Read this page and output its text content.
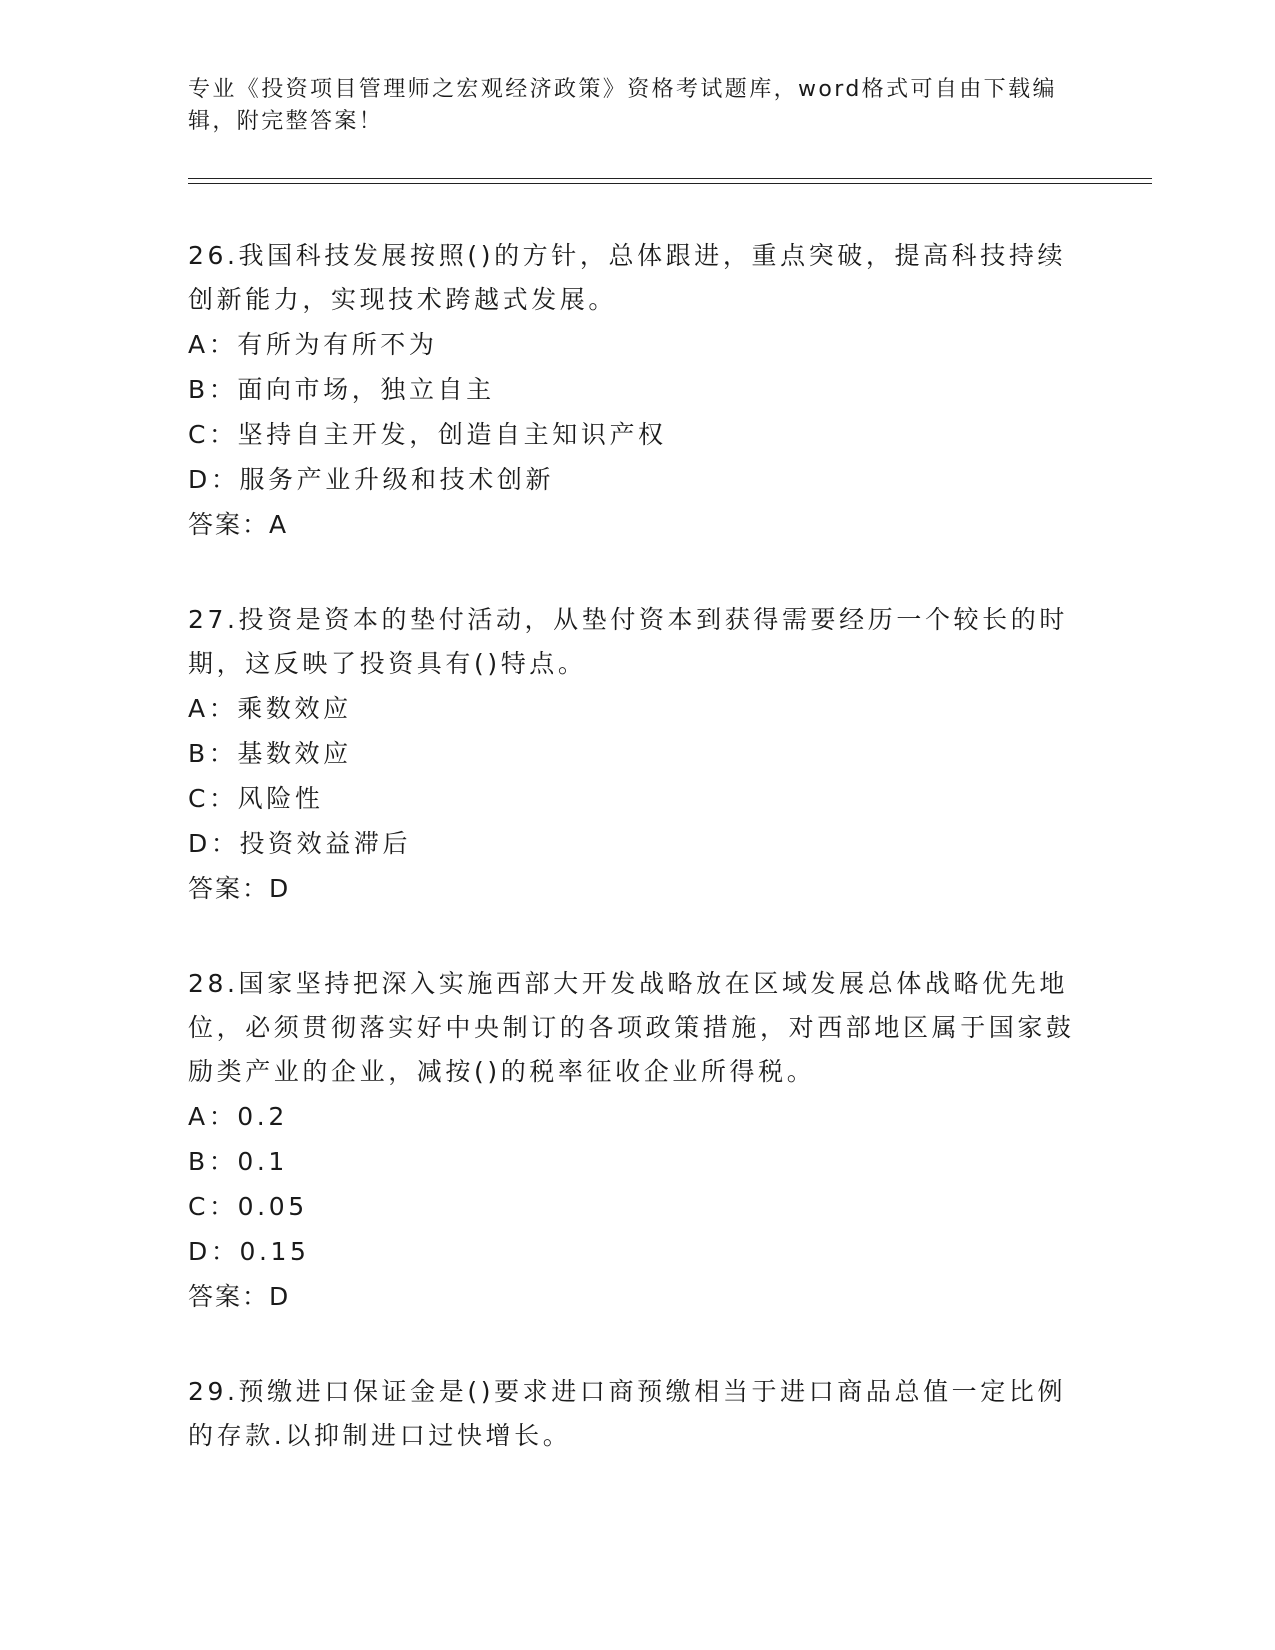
专业《投资项目管理师之宏观经济政策》资格考试题库，word格式可自由下载编辑，附完整答案！

26.我国科技发展按照()的方针，总体跟进，重点突破，提高科技持续创新能力，实现技术跨越式发展。

A：有所为有所不为

B：面向市场，独立自主

C：坚持自主开发，创造自主知识产权

D：服务产业升级和技术创新

答案：A

27.投资是资本的垫付活动，从垫付资本到获得需要经历一个较长的时期，这反映了投资具有()特点。

A：乘数效应

B：基数效应

C：风险性

D：投资效益滞后

答案：D

28.国家坚持把深入实施西部大开发战略放在区域发展总体战略优先地位，必须贯彻落实好中央制订的各项政策措施，对西部地区属于国家鼓励类产业的企业，减按()的税率征收企业所得税。

A：0.2

B：0.1

C：0.05

D：0.15

答案：D

29.预缴进口保证金是()要求进口商预缴相当于进口商品总值一定比例的存款.以抑制进口过快增长。
